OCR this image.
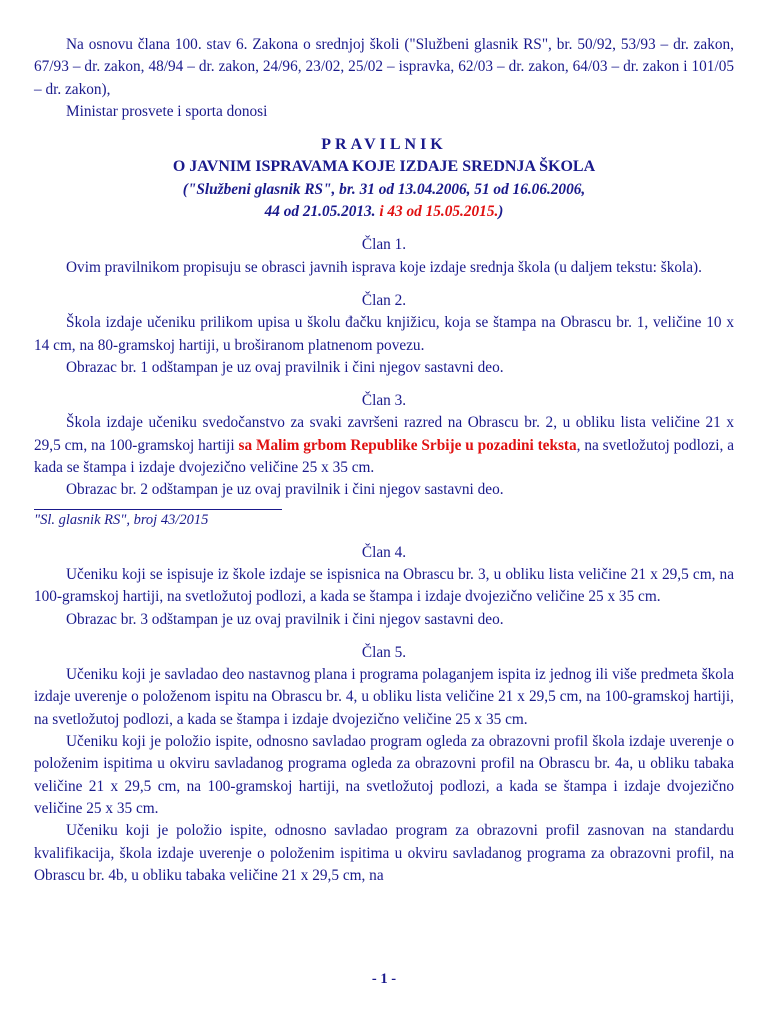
Na osnovu člana 100. stav 6. Zakona o srednjoj školi ("Službeni glasnik RS", br. 50/92, 53/93 – dr. zakon, 67/93 – dr. zakon, 48/94 – dr. zakon, 24/96, 23/02, 25/02 – ispravka, 62/03 – dr. zakon, 64/03 – dr. zakon i 101/05 – dr. zakon),

Ministar prosvete i sporta donosi

PRAVILNIK

O JAVNIM ISPRAVAMA KOJE IZDAJE SREDNJA ŠKOLA

("Službeni glasnik RS", br. 31 od 13.04.2006, 51 od 16.06.2006,

44 od 21.05.2013. i 43 od 15.05.2015.)

Član 1.

Ovim pravilnikom propisuju se obrasci javnih isprava koje izdaje srednja škola (u daljem tekstu: škola).

Član 2.

Škola izdaje učeniku prilikom upisa u školu đačku knjižicu, koja se štampa na Obrascu br. 1, veličine 10 x 14 cm, na 80-gramskoj hartiji, u broširanom platnenom povezu.

Obrazac br. 1 odštampan je uz ovaj pravilnik i čini njegov sastavni deo.

Član 3.

Škola izdaje učeniku svedočanstvo za svaki završeni razred na Obrascu br. 2, u obliku lista veličine 21 x 29,5 cm, na 100-gramskoj hartiji sa Malim grbom Republike Srbije u pozadini teksta, na svetložutoj podlozi, a kada se štampa i izdaje dvojezično veličine 25 x 35 cm.

Obrazac br. 2 odštampan je uz ovaj pravilnik i čini njegov sastavni deo.

"Sl. glasnik RS", broj 43/2015

Član 4.

Učeniku koji se ispisuje iz škole izdaje se ispisnica na Obrascu br. 3, u obliku lista veličine 21 x 29,5 cm, na 100-gramskoj hartiji, na svetložutoj podlozi, a kada se štampa i izdaje dvojezično veličine 25 x 35 cm.

Obrazac br. 3 odštampan je uz ovaj pravilnik i čini njegov sastavni deo.

Član 5.

Učeniku koji je savladao deo nastavnog plana i programa polaganjem ispita iz jednog ili više predmeta škola izdaje uverenje o položenom ispitu na Obrascu br. 4, u obliku lista veličine 21 x 29,5 cm, na 100-gramskoj hartiji, na svetložutoj podlozi, a kada se štampa i izdaje dvojezično veličine 25 x 35 cm.

Učeniku koji je položio ispite, odnosno savladao program ogleda za obrazovni profil škola izdaje uverenje o položenim ispitima u okviru savladanog programa ogleda za obrazovni profil na Obrascu br. 4a, u obliku tabaka veličine 21 x 29,5 cm, na 100-gramskoj hartiji, na svetložutoj podlozi, a kada se štampa i izdaje dvojezično veličine 25 x 35 cm.

Učeniku koji je položio ispite, odnosno savladao program za obrazovni profil zasnovan na standardu kvalifikacija, škola izdaje uverenje o položenim ispitima u okviru savladanog programa za obrazovni profil, na Obrascu br. 4b, u obliku tabaka veličine 21 x 29,5 cm, na

- 1 -
